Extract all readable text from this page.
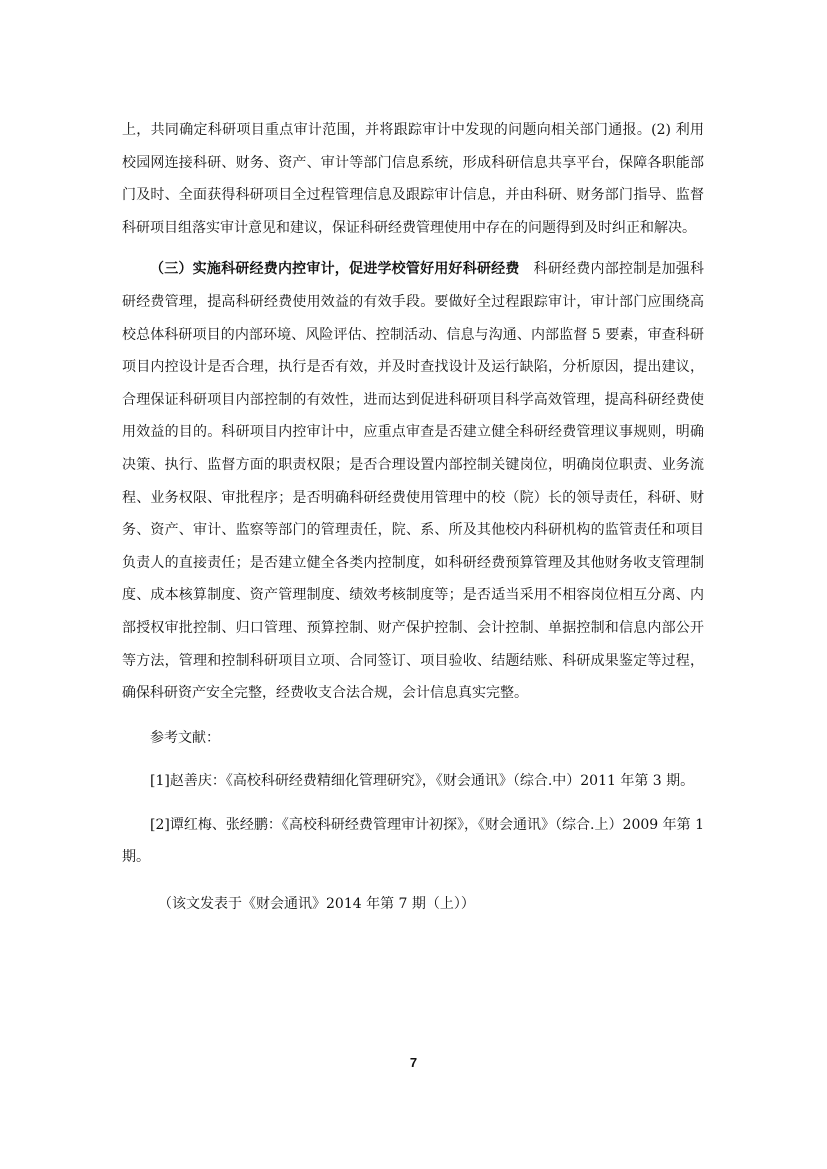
上，共同确定科研项目重点审计范围，并将跟踪审计中发现的问题向相关部门通报。(2) 利用校园网连接科研、财务、资产、审计等部门信息系统，形成科研信息共享平台，保障各职能部门及时、全面获得科研项目全过程管理信息及跟踪审计信息，并由科研、财务部门指导、监督科研项目组落实审计意见和建议，保证科研经费管理使用中存在的问题得到及时纠正和解决。

（三）实施科研经费内控审计，促进学校管好用好科研经费 科研经费内部控制是加强科研经费管理，提高科研经费使用效益的有效手段。要做好全过程跟踪审计，审计部门应围绕高校总体科研项目的内部环境、风险评估、控制活动、信息与沟通、内部监督 5 要素，审查科研项目内控设计是否合理，执行是否有效，并及时查找设计及运行缺陷，分析原因，提出建议，合理保证科研项目内部控制的有效性，进而达到促进科研项目科学高效管理，提高科研经费使用效益的目的。科研项目内控审计中，应重点审查是否建立健全科研经费管理议事规则，明确决策、执行、监督方面的职责权限；是否合理设置内部控制关键岗位，明确岗位职责、业务流程、业务权限、审批程序；是否明确科研经费使用管理中的校（院）长的领导责任，科研、财务、资产、审计、监察等部门的管理责任，院、系、所及其他校内科研机构的监管责任和项目负责人的直接责任；是否建立健全各类内控制度，如科研经费预算管理及其他财务收支管理制度、成本核算制度、资产管理制度、绩效考核制度等；是否适当采用不相容岗位相互分离、内部授权审批控制、归口管理、预算控制、财产保护控制、会计控制、单据控制和信息内部公开等方法，管理和控制科研项目立项、合同签订、项目验收、结题结账、科研成果鉴定等过程，确保科研资产安全完整，经费收支合法合规，会计信息真实完整。

参考文献：

[1]赵善庆：《高校科研经费精细化管理研究》，《财会通讯》（综合.中）2011 年第 3 期。

[2]谭红梅、张经鹏：《高校科研经费管理审计初探》，《财会通讯》（综合.上）2009 年第 1 期。

（该文发表于《财会通讯》2014 年第 7 期（上））

7
